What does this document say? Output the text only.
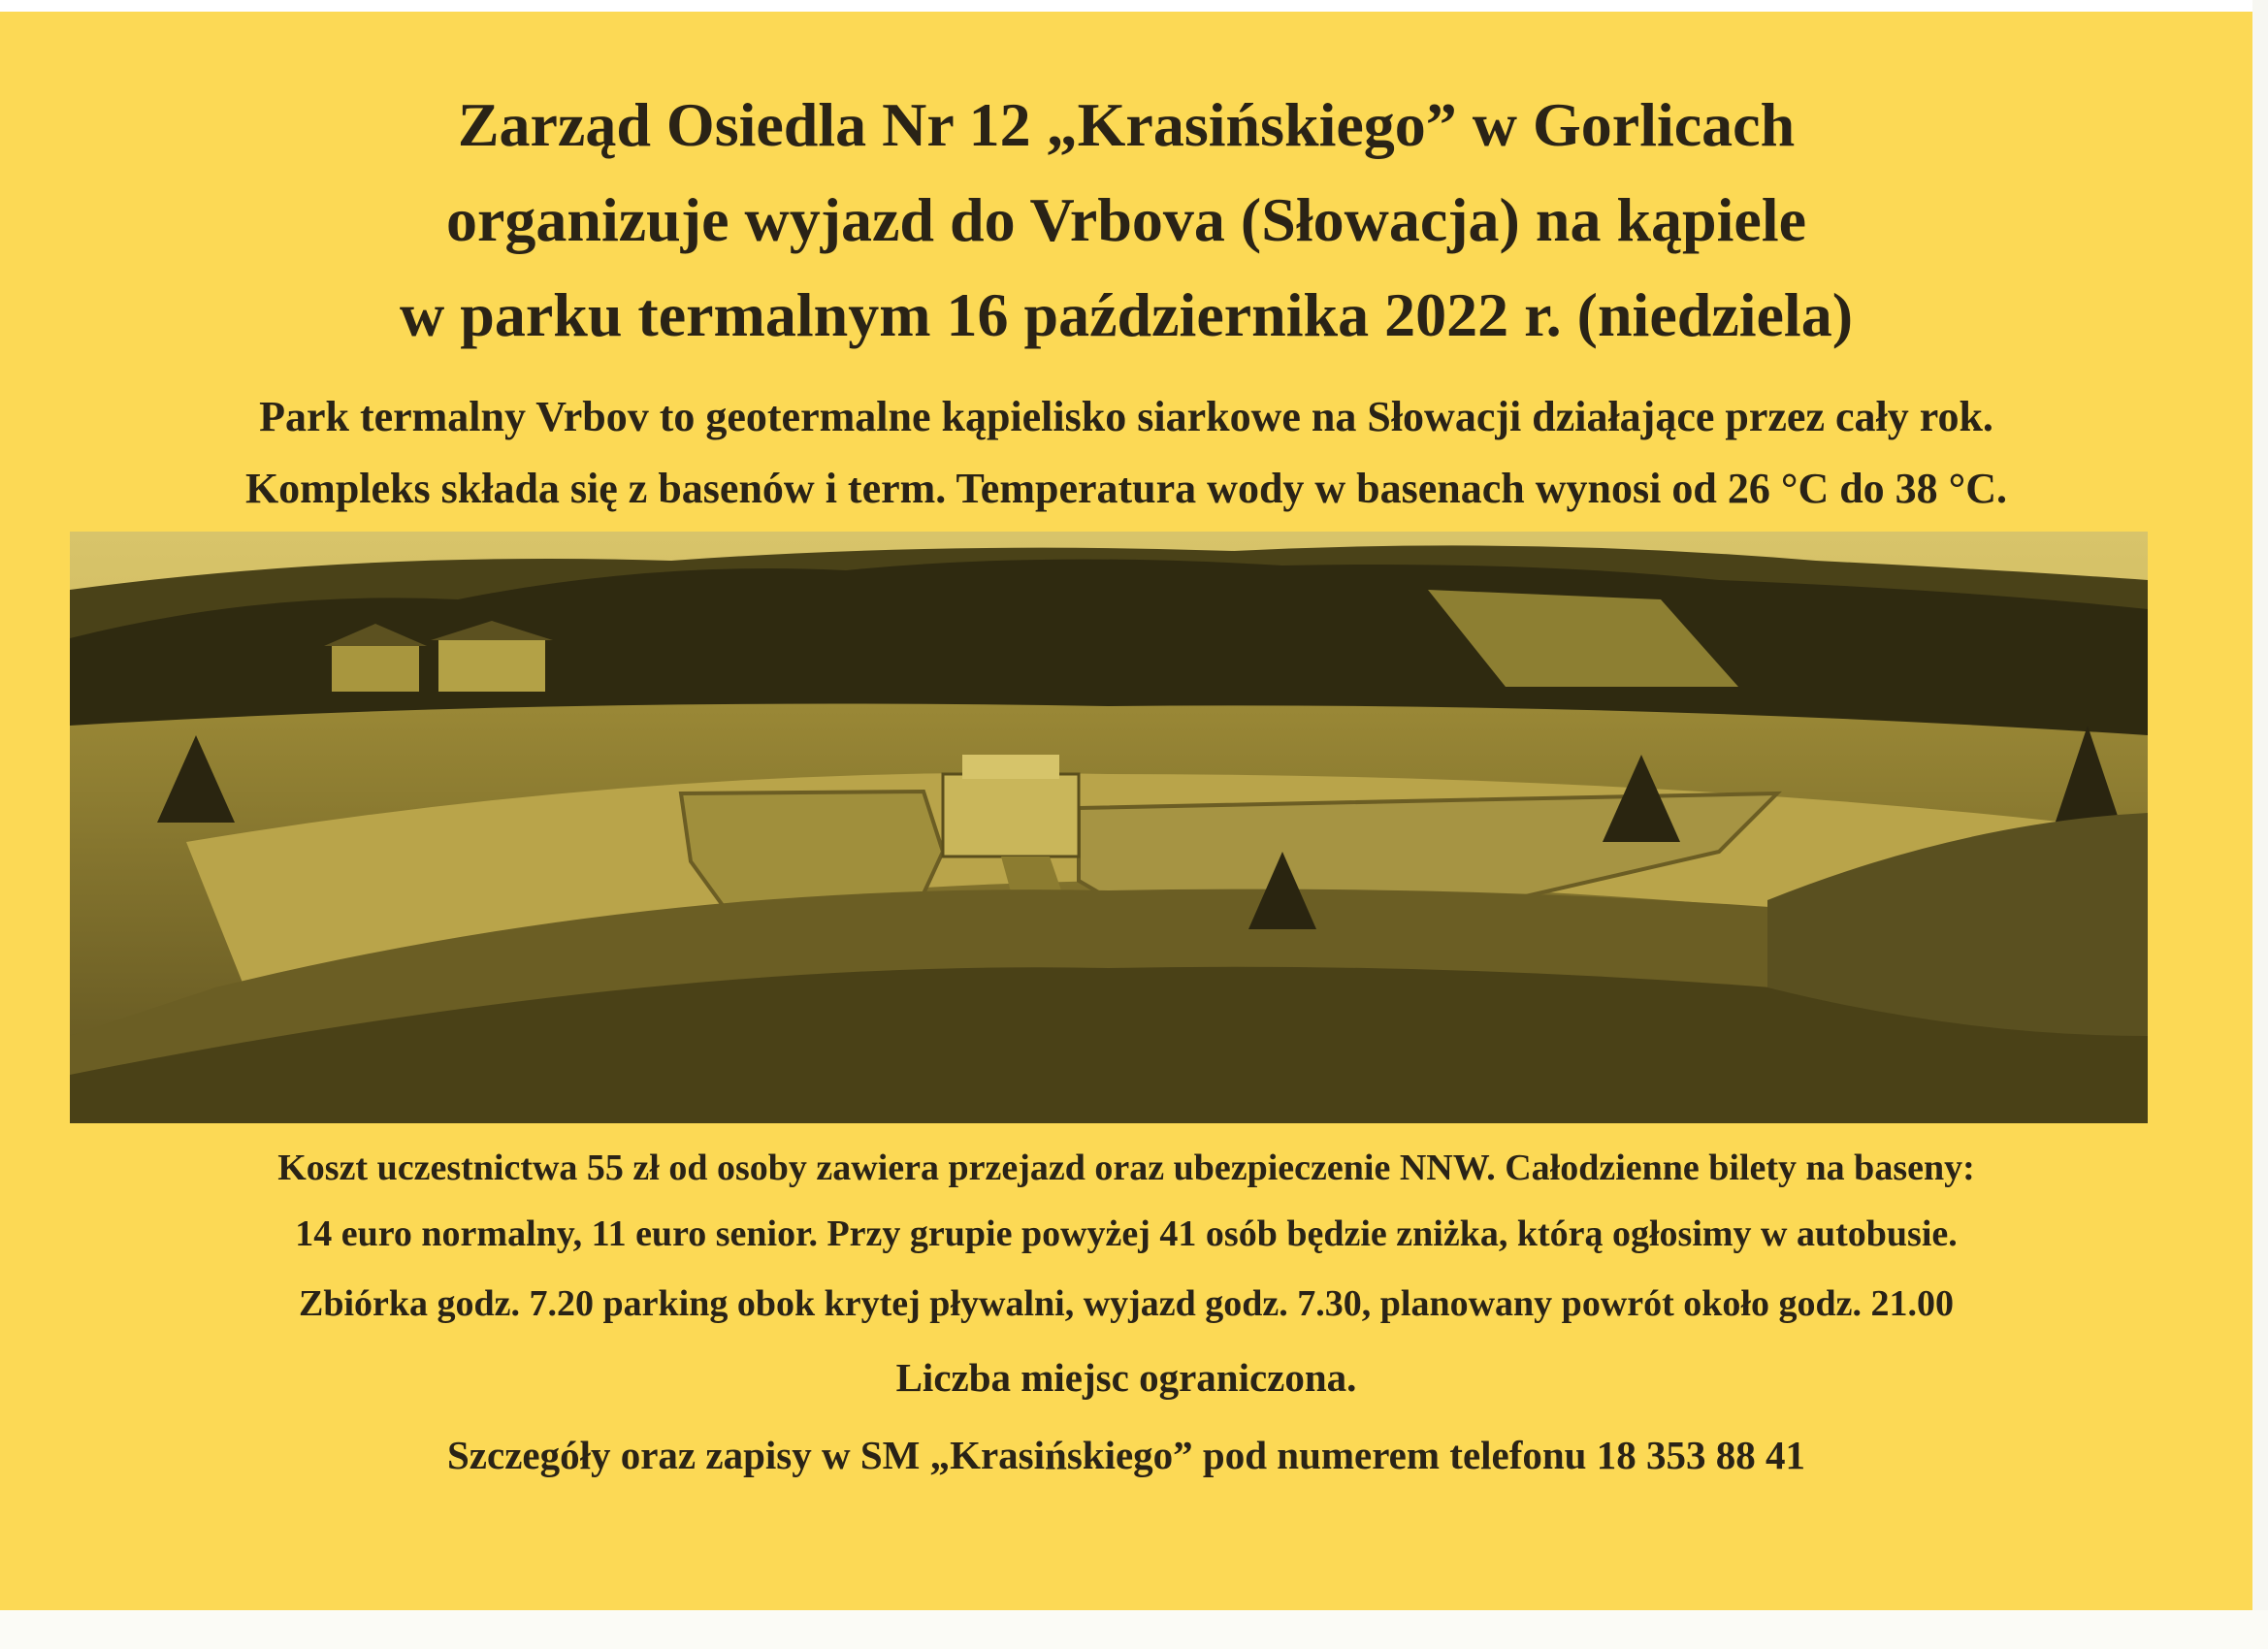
Zarząd Osiedla Nr 12 „Krasińskiego” w Gorlicach
organizuje wyjazd do Vrbova (Słowacja) na kąpiele
w parku termalnym 16 października 2022 r. (niedziela)
Park termalny Vrbov to geotermalne kąpielisko siarkowe na Słowacji działające przez cały rok.
Kompleks składa się z basenów i term. Temperatura wody w basenach wynosi od 26 °C do 38 °C.
Koszt uczestnictwa 55 zł od osoby zawiera przejazd oraz ubezpieczenie NNW. Całodzienne bilety na baseny:
14 euro normalny, 11 euro senior. Przy grupie powyżej 41 osób będzie zniżka, którą ogłosimy w autobusie.
Zbiórka godz. 7.20 parking obok krytej pływalni, wyjazd godz. 7.30, planowany powrót około godz. 21.00
Liczba miejsc ograniczona.
Szczegóły oraz zapisy w SM „Krasińskiego” pod numerem telefonu 18 353 88 41
